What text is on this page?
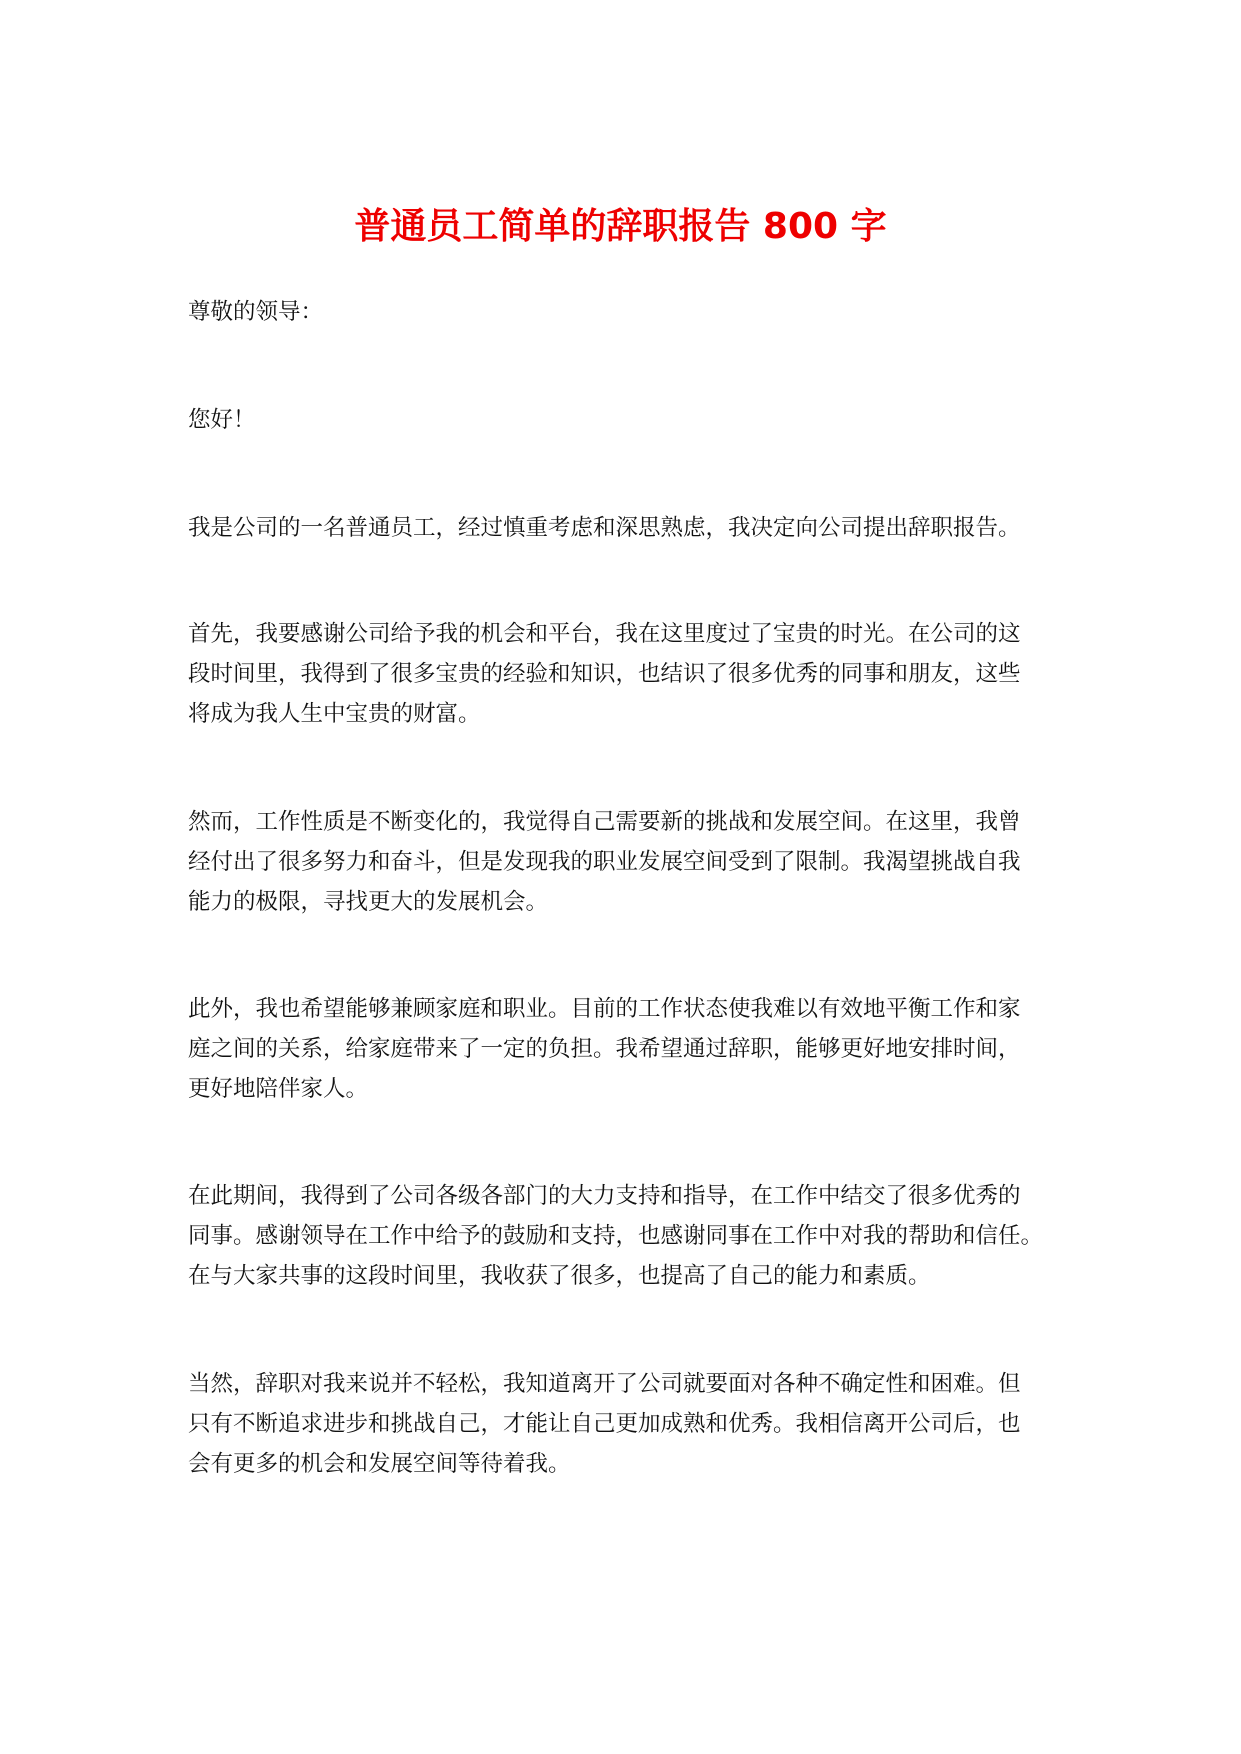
普通员工简单的辞职报告 800 字

尊敬的领导：

您好！

我是公司的一名普通员工，经过慎重考虑和深思熟虑，我决定向公司提出辞职报告。

首先，我要感谢公司给予我的机会和平台，我在这里度过了宝贵的时光。在公司的这
段时间里，我得到了很多宝贵的经验和知识，也结识了很多优秀的同事和朋友，这些
将成为我人生中宝贵的财富。

然而，工作性质是不断变化的，我觉得自己需要新的挑战和发展空间。在这里，我曾
经付出了很多努力和奋斗，但是发现我的职业发展空间受到了限制。我渴望挑战自我
能力的极限，寻找更大的发展机会。

此外，我也希望能够兼顾家庭和职业。目前的工作状态使我难以有效地平衡工作和家
庭之间的关系，给家庭带来了一定的负担。我希望通过辞职，能够更好地安排时间，
更好地陪伴家人。

在此期间，我得到了公司各级各部门的大力支持和指导，在工作中结交了很多优秀的
同事。感谢领导在工作中给予的鼓励和支持，也感谢同事在工作中对我的帮助和信任。
在与大家共事的这段时间里，我收获了很多，也提高了自己的能力和素质。

当然，辞职对我来说并不轻松，我知道离开了公司就要面对各种不确定性和困难。但
只有不断追求进步和挑战自己，才能让自己更加成熟和优秀。我相信离开公司后，也
会有更多的机会和发展空间等待着我。
